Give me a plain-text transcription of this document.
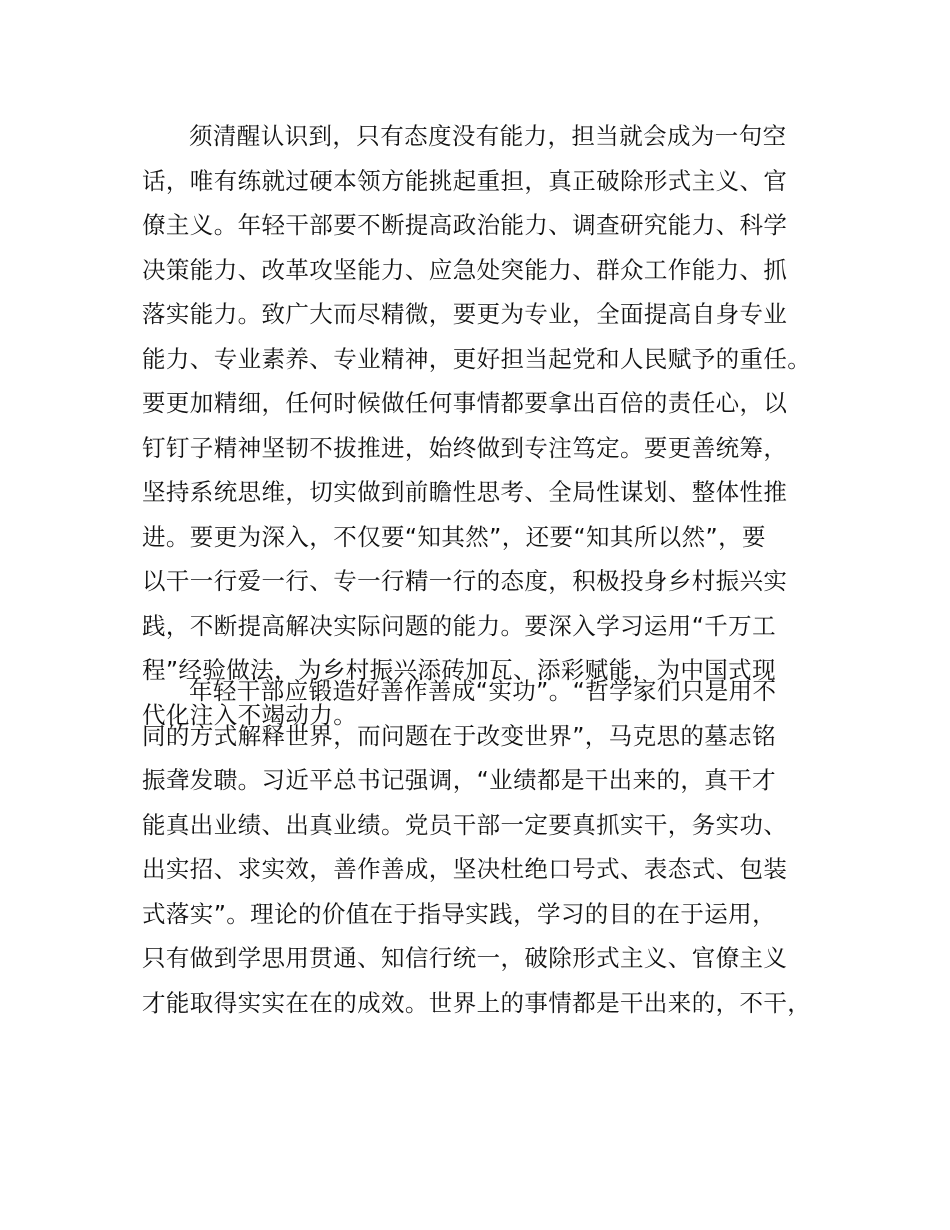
须清醒认识到，只有态度没有能力，担当就会成为一句空
话，唯有练就过硬本领方能挑起重担，真正破除形式主义、官
僚主义。年轻干部要不断提高政治能力、调查研究能力、科学
决策能力、改革攻坚能力、应急处突能力、群众工作能力、抓
落实能力。致广大而尽精微，要更为专业，全面提高自身专业
能力、专业素养、专业精神，更好担当起党和人民赋予的重任。
要更加精细，任何时候做任何事情都要拿出百倍的责任心，以
钉钉子精神坚韧不拔推进，始终做到专注笃定。要更善统筹，
坚持系统思维，切实做到前瞻性思考、全局性谋划、整体性推
进。要更为深入，不仅要“知其然”，还要“知其所以然”，要
以干一行爱一行、专一行精一行的态度，积极投身乡村振兴实
践，不断提高解决实际问题的能力。要深入学习运用“千万工
程”经验做法，为乡村振兴添砖加瓦、添彩赋能，为中国式现
代化注入不竭动力。
年轻干部应锻造好善作善成“实功”。“哲学家们只是用不
同的方式解释世界，而问题在于改变世界”，马克思的墓志铭
振聋发聩。习近平总书记强调，“业绩都是干出来的，真干才
能真出业绩、出真业绩。党员干部一定要真抓实干，务实功、
出实招、求实效，善作善成，坚决杜绝口号式、表态式、包装
式落实”。理论的价值在于指导实践，学习的目的在于运用，
只有做到学思用贯通、知信行统一，破除形式主义、官僚主义
才能取得实实在在的成效。世界上的事情都是干出来的，不干，
